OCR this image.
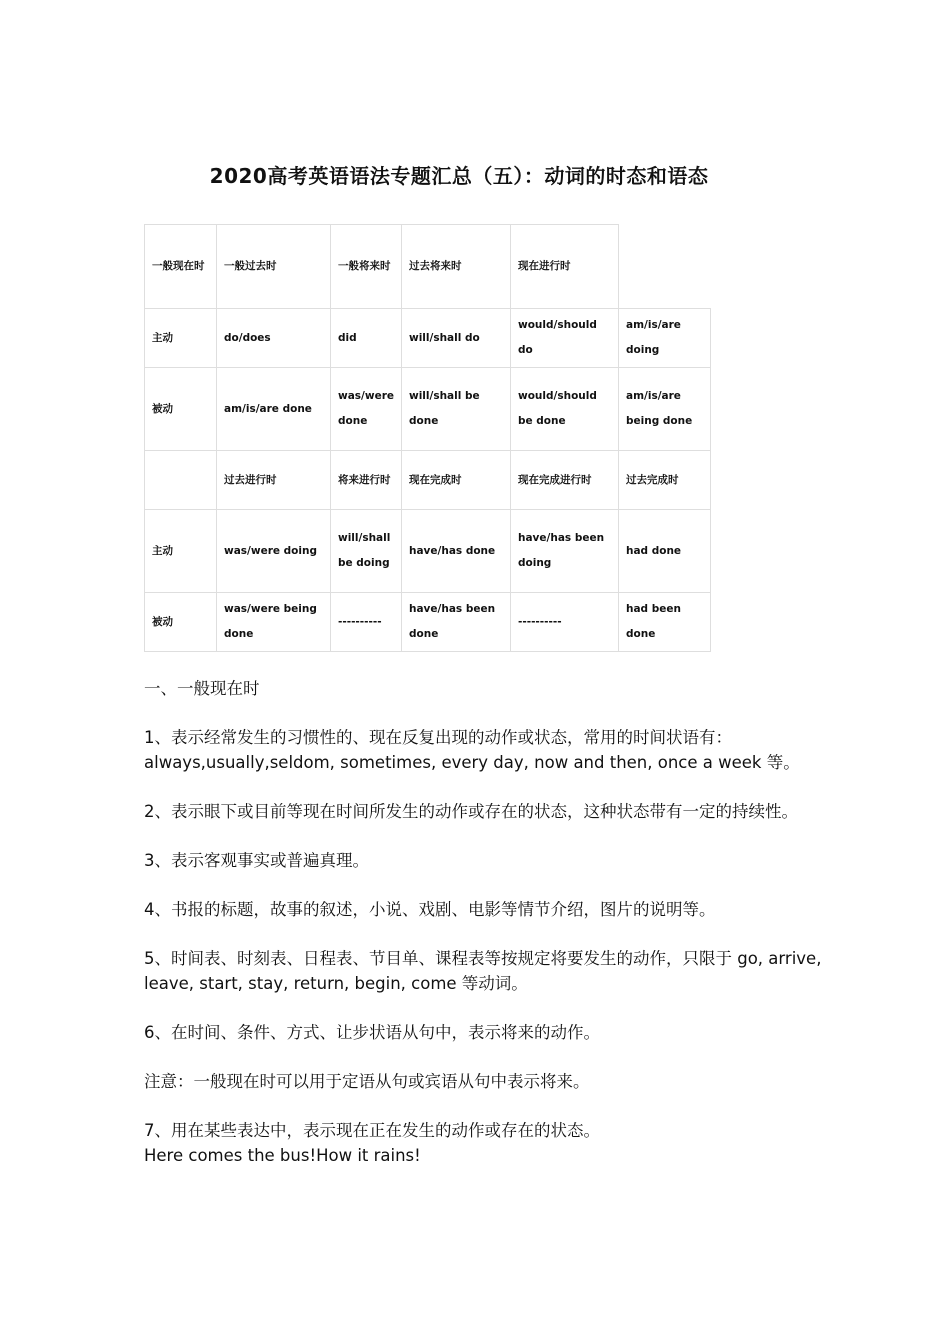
2020高考英语语法专题汇总（五）：动词的时态和语态
一般现在时	一般过去时	一般将来时	过去将来时	现在进行时	
主动	do/does	did	will/shall do	would/should do	am/is/are doing
被动	am/is/are done	was/were done	will/shall be done	would/should be done	am/is/are being done
	过去进行时	将来进行时	现在完成时	现在完成进行时	过去完成时
主动	was/were doing	will/shall be doing	have/has done	have/has been doing	had done
被动	was/were being done	----------	have/has been done	----------	had been done

一、一般现在时

1、表示经常发生的习惯性的、现在反复出现的动作或状态，常用的时间状语有：
always,usually,seldom, sometimes, every day, now and then, once a week 等。

2、表示眼下或目前等现在时间所发生的动作或存在的状态，这种状态带有一定的持续性。

3、表示客观事实或普遍真理。

4、书报的标题，故事的叙述，小说、戏剧、电影等情节介绍，图片的说明等。

5、时间表、时刻表、日程表、节目单、课程表等按规定将要发生的动作，只限于 go, arrive, leave, start, stay, return, begin, come 等动词。

6、在时间、条件、方式、让步状语从句中，表示将来的动作。

注意：一般现在时可以用于定语从句或宾语从句中表示将来。

7、用在某些表达中，表示现在正在发生的动作或存在的状态。
Here comes the bus!How it rains!
